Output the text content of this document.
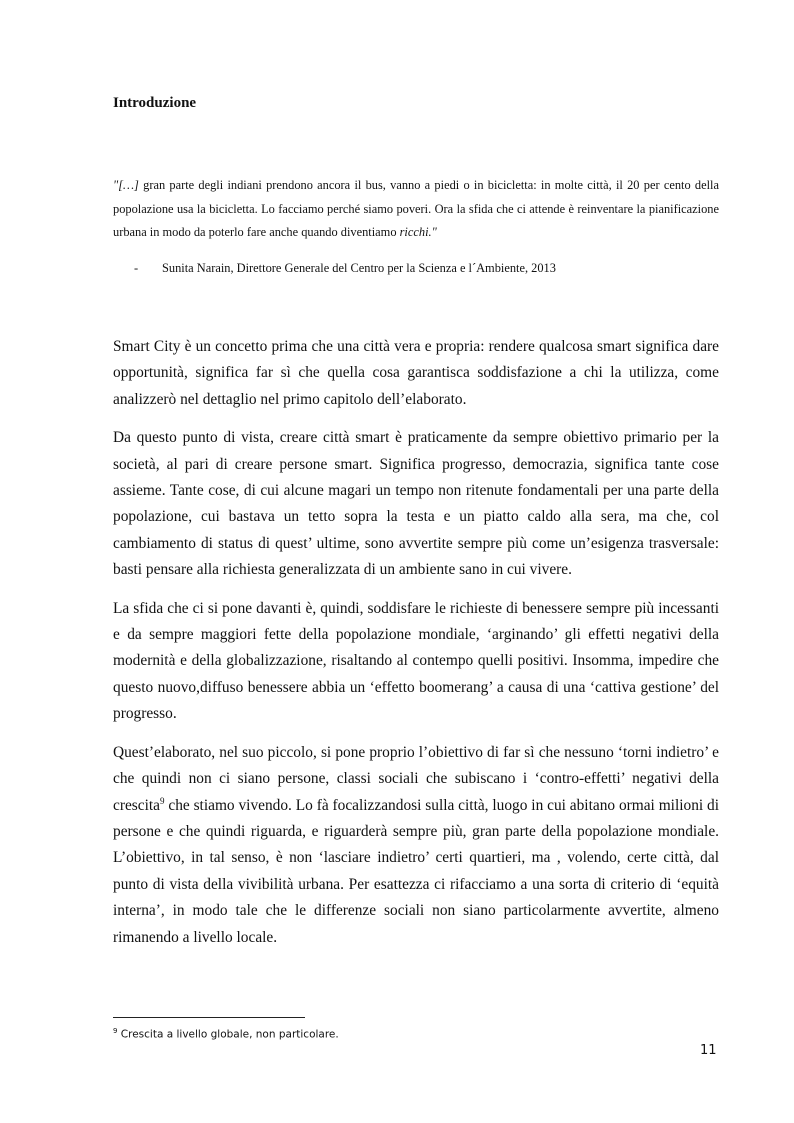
Introduzione

"[…] gran parte degli indiani prendono ancora il bus, vanno a piedi o in bicicletta: in molte città, il 20 per cento della popolazione usa la bicicletta. Lo facciamo perché siamo poveri. Ora la sfida che ci attende è reinventare la pianificazione urbana in modo da poterlo fare anche quando diventiamo ricchi."

- Sunita Narain, Direttore Generale del Centro per la Scienza e l´Ambiente, 2013

Smart City è un concetto prima che una città vera e propria: rendere qualcosa smart significa dare opportunità, significa far sì che quella cosa garantisca soddisfazione a chi la utilizza, come analizzerò nel dettaglio nel primo capitolo dell’elaborato.

Da questo punto di vista, creare città smart è praticamente da sempre obiettivo primario per la società, al pari di creare persone smart. Significa progresso, democrazia, significa tante cose assieme. Tante cose, di cui alcune magari un tempo non ritenute fondamentali per una parte della popolazione, cui bastava un tetto sopra la testa e un piatto caldo alla sera, ma che, col cambiamento di status di quest’ ultime, sono avvertite sempre più come un’esigenza trasversale: basti pensare alla richiesta generalizzata di un ambiente sano in cui vivere.

La sfida che ci si pone davanti è, quindi, soddisfare le richieste di benessere sempre più incessanti e da sempre maggiori fette della popolazione mondiale, ‘arginando’ gli effetti negativi della modernità e della globalizzazione, risaltando al contempo quelli positivi. Insomma, impedire che questo nuovo,diffuso benessere abbia un ‘effetto boomerang’ a causa di una ‘cattiva gestione’ del progresso.

Quest’elaborato, nel suo piccolo, si pone proprio l’obiettivo di far sì che nessuno ‘torni indietro’ e che quindi non ci siano persone, classi sociali che subiscano i ‘contro-effetti’ negativi della crescita$^9$ che stiamo vivendo. Lo fà focalizzandosi sulla città, luogo in cui abitano ormai milioni di persone e che quindi riguarda, e riguarderà sempre più, gran parte della popolazione mondiale. L’obiettivo, in tal senso, è non ‘lasciare indietro’ certi quartieri, ma , volendo, certe città, dal punto di vista della vivibilità urbana. Per esattezza ci rifacciamo a una sorta di criterio di ‘equità interna’, in modo tale che le differenze sociali non siano particolarmente avvertite, almeno rimanendo a livello locale.

$^9$ Crescita a livello globale, non particolare.

11
